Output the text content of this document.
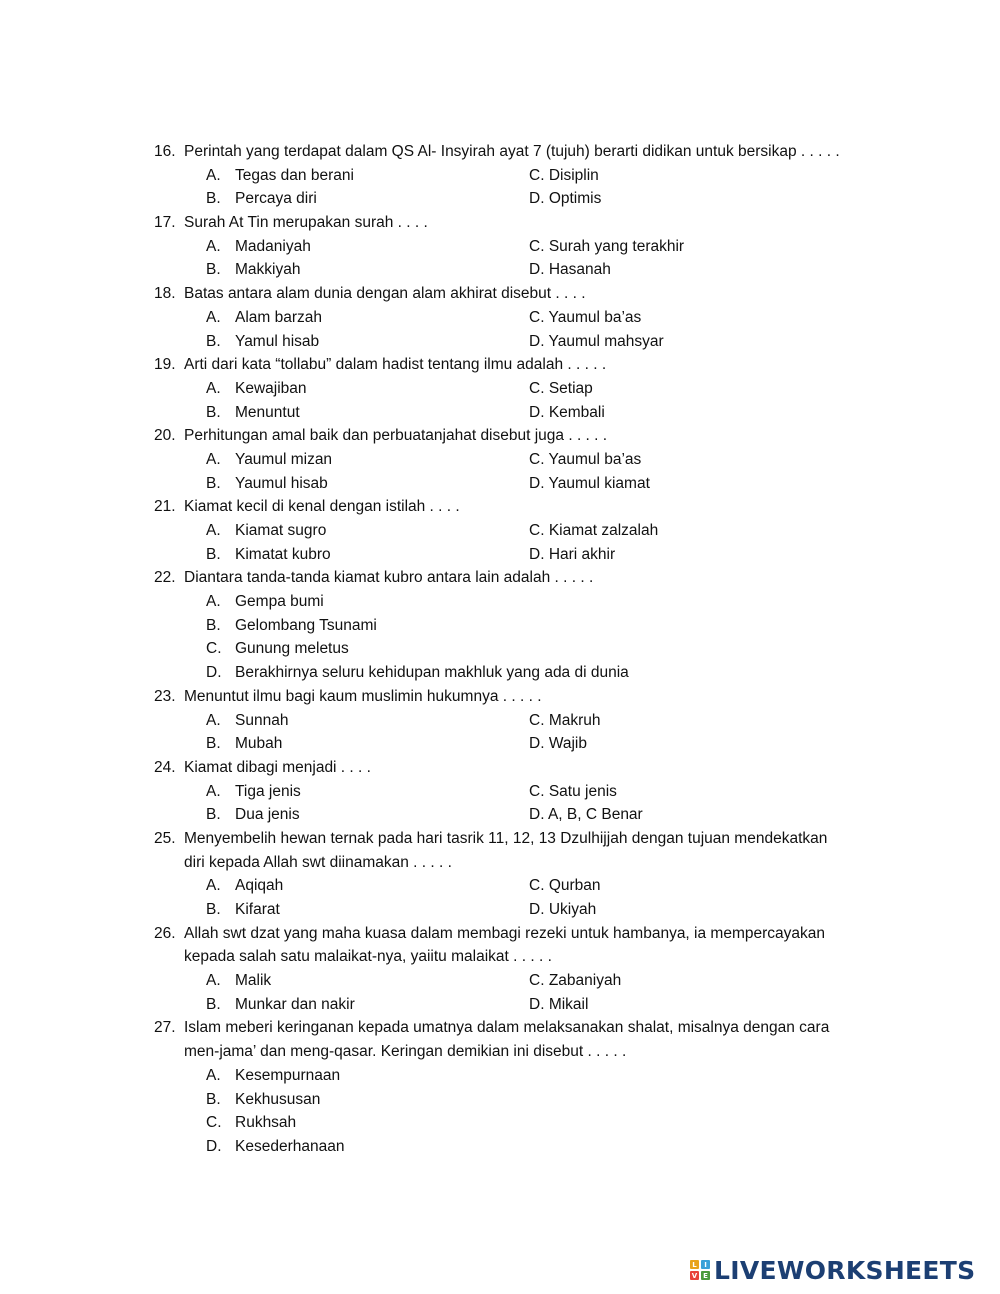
16. Perintah yang terdapat dalam QS Al- Insyirah ayat 7 (tujuh) berarti didikan untuk bersikap . . . . .
A. Tegas dan berani	C. Disiplin
B. Percaya diri	D. Optimis
17. Surah At Tin merupakan surah . . . .
A. Madaniyah	C. Surah yang terakhir
B. Makkiyah	D. Hasanah
18. Batas antara alam dunia dengan alam akhirat disebut . . . .
A. Alam barzah	C. Yaumul ba’as
B. Yamul hisab	D. Yaumul mahsyar
19. Arti dari kata “tollabu” dalam hadist tentang ilmu adalah . . . . .
A. Kewajiban	C. Setiap
B. Menuntut	D. Kembali
20. Perhitungan amal baik dan perbuatanjahat disebut juga . . . . .
A. Yaumul mizan	C. Yaumul ba’as
B. Yaumul hisab	D. Yaumul kiamat
21. Kiamat kecil di kenal dengan istilah . . . .
A. Kiamat sugro	C. Kiamat zalzalah
B. Kimatat kubro	D. Hari akhir
22. Diantara tanda-tanda kiamat kubro antara lain adalah . . . . .
A. Gempa bumi
B. Gelombang Tsunami
C. Gunung meletus
D. Berakhirnya seluru kehidupan makhluk yang ada di dunia
23. Menuntut ilmu bagi kaum muslimin hukumnya . . . . .
A. Sunnah	C. Makruh
B. Mubah	D. Wajib
24. Kiamat dibagi menjadi . . . .
A. Tiga jenis	C. Satu jenis
B. Dua jenis	D. A, B, C Benar
25. Menyembelih hewan ternak pada hari tasrik 11, 12, 13 Dzulhijjah dengan tujuan mendekatkan
diri kepada Allah swt diinamakan . . . . .
A. Aqiqah	C. Qurban
B. Kifarat	D. Ukiyah
26. Allah swt dzat yang maha kuasa dalam membagi rezeki untuk hambanya, ia mempercayakan
kepada salah satu malaikat-nya, yaiitu malaikat . . . . .
A. Malik	C. Zabaniyah
B. Munkar dan nakir	D. Mikail
27. Islam meberi keringanan kepada umatnya dalam melaksanakan shalat, misalnya dengan cara
men-jama’ dan meng-qasar. Keringan demikian ini disebut . . . . .
A. Kesempurnaan
B. Kekhususan
C. Rukhsah
D. Kesederhanaan
L	I
V E LIVEWORKSHEETS
